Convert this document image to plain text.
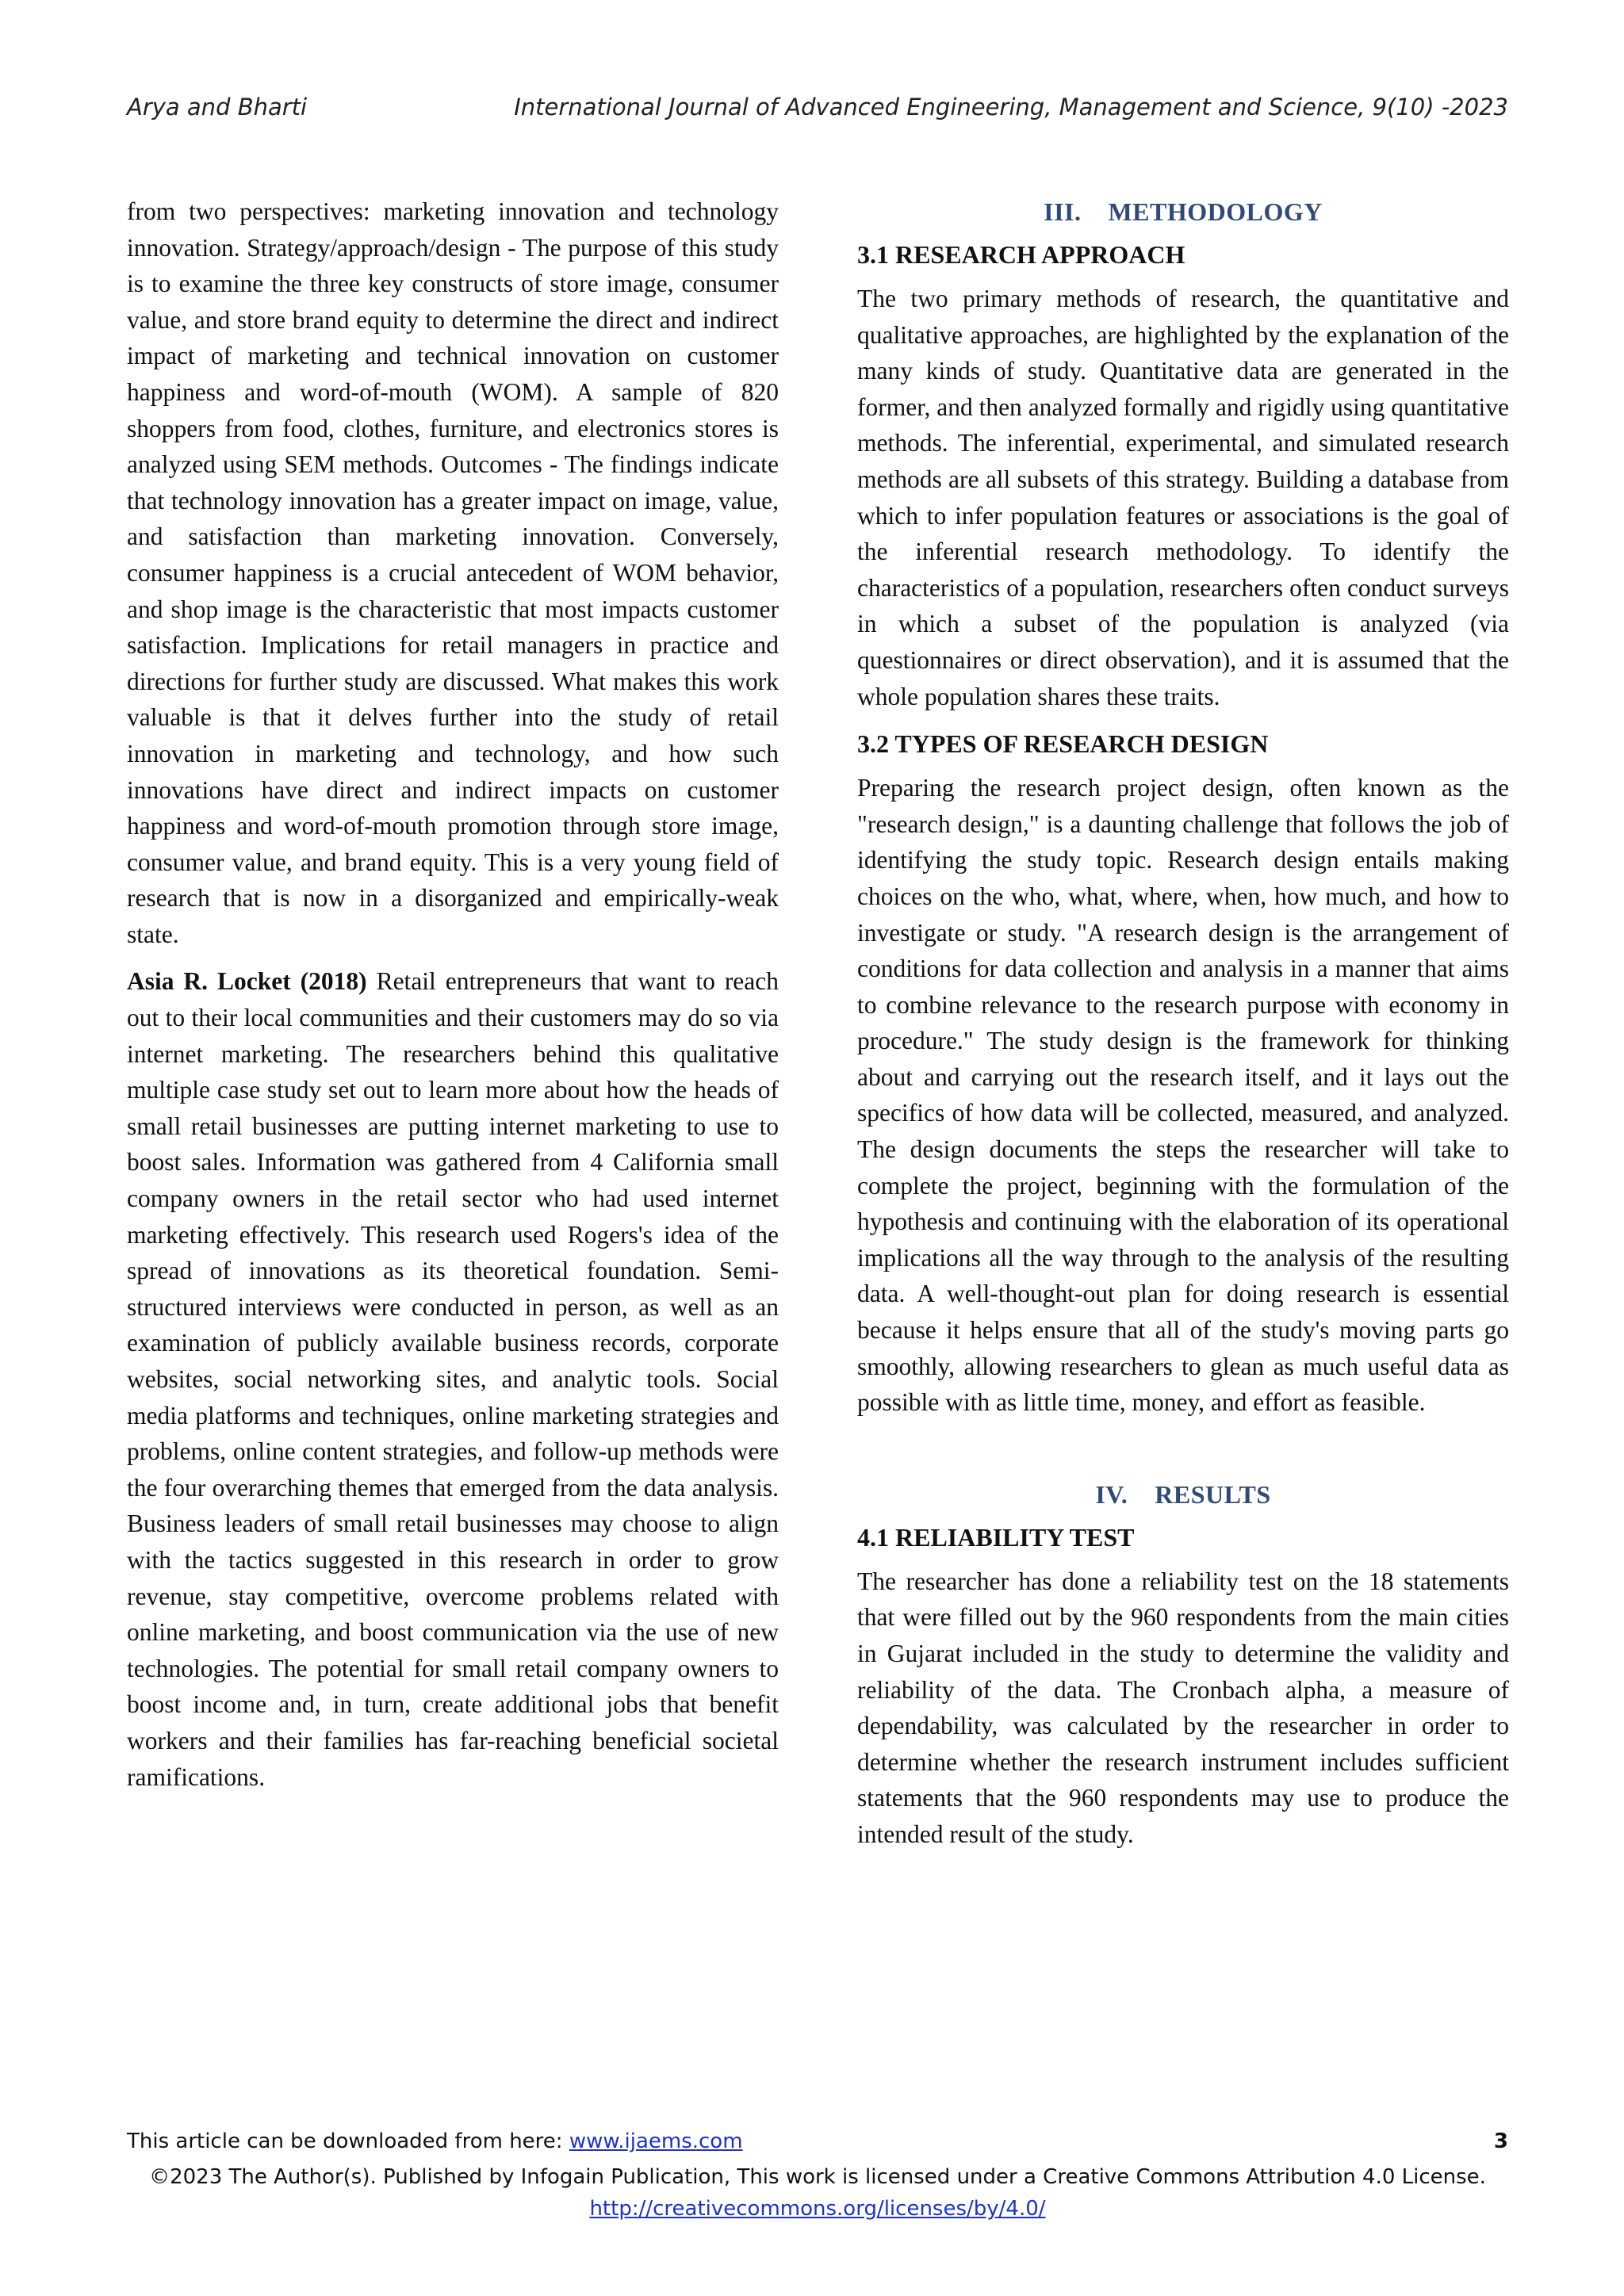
Arya and Bharti	International Journal of Advanced Engineering, Management and Science, 9(10) -2023

from two perspectives: marketing innovation and technology innovation. Strategy/approach/design - The purpose of this study is to examine the three key constructs of store image, consumer value, and store brand equity to determine the direct and indirect impact of marketing and technical innovation on customer happiness and word-of-mouth (WOM). A sample of 820 shoppers from food, clothes, furniture, and electronics stores is analyzed using SEM methods. Outcomes - The findings indicate that technology innovation has a greater impact on image, value, and satisfaction than marketing innovation. Conversely, consumer happiness is a crucial antecedent of WOM behavior, and shop image is the characteristic that most impacts customer satisfaction. Implications for retail managers in practice and directions for further study are discussed. What makes this work valuable is that it delves further into the study of retail innovation in marketing and technology, and how such innovations have direct and indirect impacts on customer happiness and word-of-mouth promotion through store image, consumer value, and brand equity. This is a very young field of research that is now in a disorganized and empirically-weak state.

Asia R. Locket (2018) Retail entrepreneurs that want to reach out to their local communities and their customers may do so via internet marketing. The researchers behind this qualitative multiple case study set out to learn more about how the heads of small retail businesses are putting internet marketing to use to boost sales. Information was gathered from 4 California small company owners in the retail sector who had used internet marketing effectively. This research used Rogers's idea of the spread of innovations as its theoretical foundation. Semi-structured interviews were conducted in person, as well as an examination of publicly available business records, corporate websites, social networking sites, and analytic tools. Social media platforms and techniques, online marketing strategies and problems, online content strategies, and follow-up methods were the four overarching themes that emerged from the data analysis. Business leaders of small retail businesses may choose to align with the tactics suggested in this research in order to grow revenue, stay competitive, overcome problems related with online marketing, and boost communication via the use of new technologies. The potential for small retail company owners to boost income and, in turn, create additional jobs that benefit workers and their families has far-reaching beneficial societal ramifications.

III. METHODOLOGY
3.1 RESEARCH APPROACH

The two primary methods of research, the quantitative and qualitative approaches, are highlighted by the explanation of the many kinds of study. Quantitative data are generated in the former, and then analyzed formally and rigidly using quantitative methods. The inferential, experimental, and simulated research methods are all subsets of this strategy. Building a database from which to infer population features or associations is the goal of the inferential research methodology. To identify the characteristics of a population, researchers often conduct surveys in which a subset of the population is analyzed (via questionnaires or direct observation), and it is assumed that the whole population shares these traits.

3.2 TYPES OF RESEARCH DESIGN

Preparing the research project design, often known as the "research design," is a daunting challenge that follows the job of identifying the study topic. Research design entails making choices on the who, what, where, when, how much, and how to investigate or study. "A research design is the arrangement of conditions for data collection and analysis in a manner that aims to combine relevance to the research purpose with economy in procedure." The study design is the framework for thinking about and carrying out the research itself, and it lays out the specifics of how data will be collected, measured, and analyzed. The design documents the steps the researcher will take to complete the project, beginning with the formulation of the hypothesis and continuing with the elaboration of its operational implications all the way through to the analysis of the resulting data. A well-thought-out plan for doing research is essential because it helps ensure that all of the study's moving parts go smoothly, allowing researchers to glean as much useful data as possible with as little time, money, and effort as feasible.

IV. RESULTS
4.1 RELIABILITY TEST

The researcher has done a reliability test on the 18 statements that were filled out by the 960 respondents from the main cities in Gujarat included in the study to determine the validity and reliability of the data. The Cronbach alpha, a measure of dependability, was calculated by the researcher in order to determine whether the research instrument includes sufficient statements that the 960 respondents may use to produce the intended result of the study.

This article can be downloaded from here: www.ijaems.com	3
©2023 The Author(s). Published by Infogain Publication, This work is licensed under a Creative Commons Attribution 4.0 License.
http://creativecommons.org/licenses/by/4.0/
